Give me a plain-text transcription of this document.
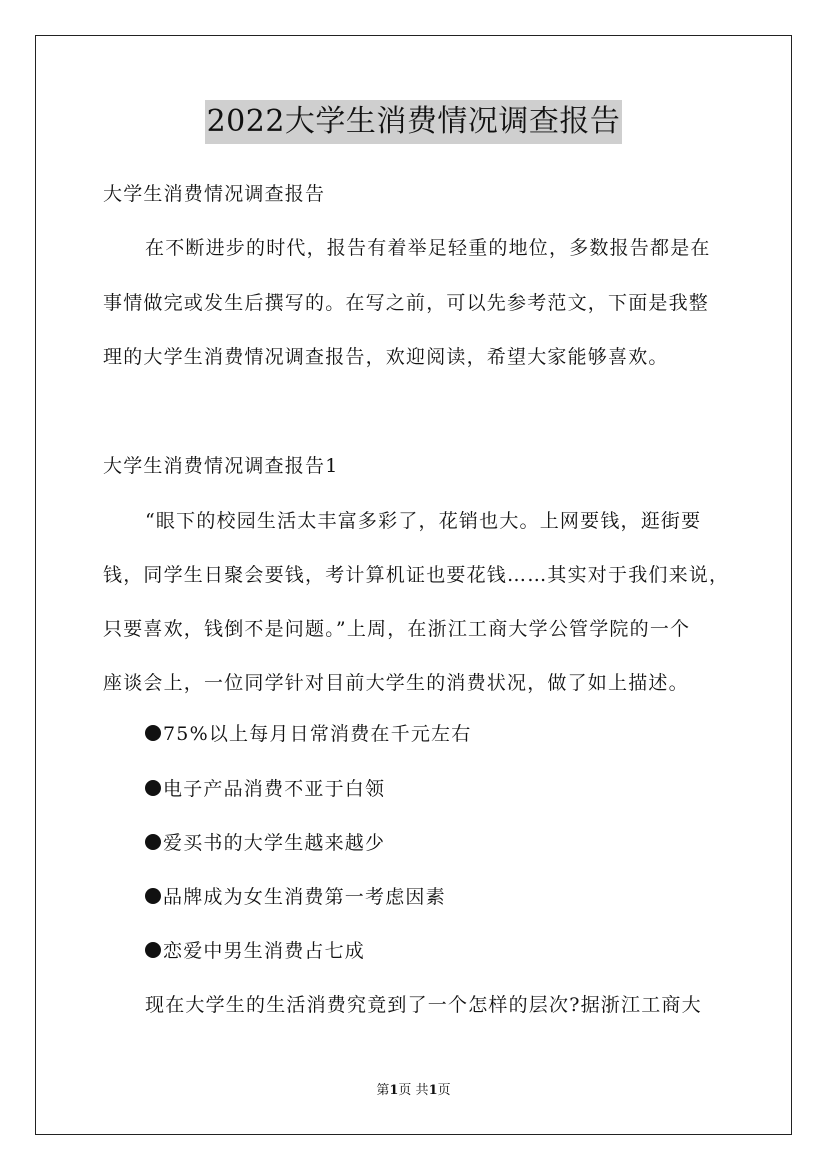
2022大学生消费情况调查报告
大学生消费情况调查报告
在不断进步的时代，报告有着举足轻重的地位，多数报告都是在
事情做完或发生后撰写的。在写之前，可以先参考范文，下面是我整
理的大学生消费情况调查报告，欢迎阅读，希望大家能够喜欢。
大学生消费情况调查报告1
“眼下的校园生活太丰富多彩了，花销也大。上网要钱，逛街要
钱，同学生日聚会要钱，考计算机证也要花钱……其实对于我们来说，
只要喜欢，钱倒不是问题。”上周，在浙江工商大学公管学院的一个
座谈会上，一位同学针对目前大学生的消费状况，做了如上描述。
75%以上每月日常消费在千元左右
电子产品消费不亚于白领
爱买书的大学生越来越少
品牌成为女生消费第一考虑因素
恋爱中男生消费占七成
现在大学生的生活消费究竟到了一个怎样的层次?据浙江工商大
第1页 共1页
